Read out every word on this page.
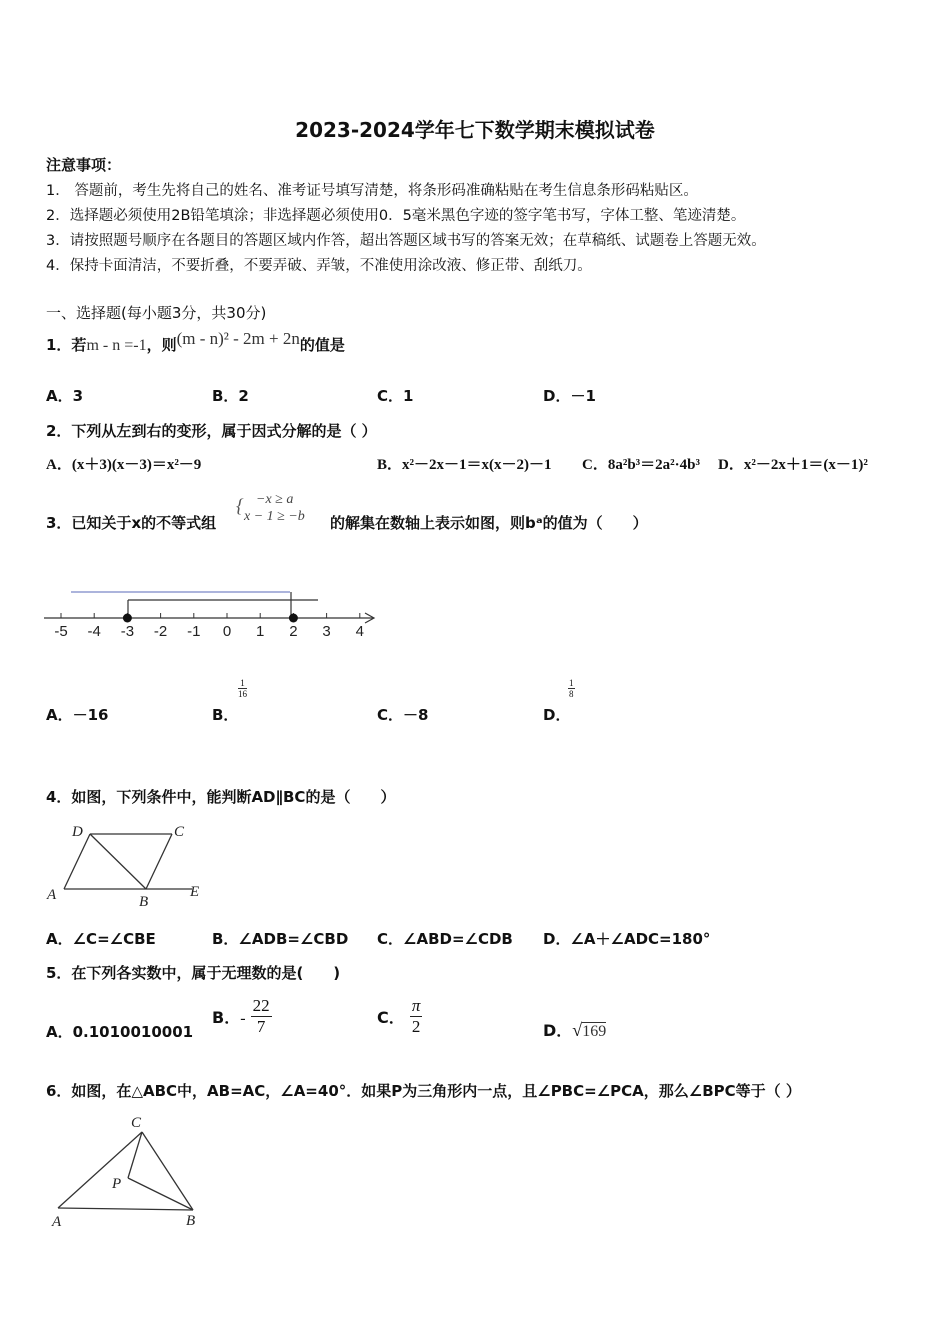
2023-2024学年七下数学期末模拟试卷
注意事项：
1． 答题前，考生先将自己的姓名、准考证号填写清楚，将条形码准确粘贴在考生信息条形码粘贴区。
2．选择题必须使用2B铅笔填涂；非选择题必须使用0．5毫米黑色字迹的签字笔书写，字体工整、笔迹清楚。
3．请按照题号顺序在各题目的答题区域内作答，超出答题区域书写的答案无效；在草稿纸、试题卷上答题无效。
4．保持卡面清洁，不要折叠，不要弄破、弄皱，不准使用涂改液、修正带、刮纸刀。
一、选择题(每小题3分，共30分)
1．若m - n =-1，则(m - n)² - 2m + 2n的值是
A．3	B．2	C．1	D．－1
2．下列从左到右的变形，属于因式分解的是（ ）
A．(x＋3)(x－3)＝x²－9	B．x²－2x－1＝x(x－2)－1 C．8a²b³＝2a²·4b³ D．x²－2x＋1＝(x－1)²
3．已知关于x的不等式组
{ −x ≥ a
x − 1 ≥ −b 的解集在数轴上表示如图，则bᵃ的值为（　　）
-5 -4 -3 -2 -1 0 1 2 3 4
A．－16	B．
$\frac{1}{16}$
C．－8	D．
$\frac{1}{8}$
4．如图，下列条件中，能判断AD∥BC的是（　　）
A	B
C
D
E
A．∠C=∠CBE	B．∠ADB=∠CBD C．∠ABD=∠CDB D．∠A＋∠ADC=180°
5．在下列各实数中，属于无理数的是(　　)
A．0.1010010001
B．- $\frac{22}{7}$	C． $\frac{\pi}{2}$	D．√169
6．如图，在△ABC中，AB=AC，∠A=40°．如果P为三角形内一点，且∠PBC=∠PCA，那么∠BPC等于（ ）
A	B
C
P
